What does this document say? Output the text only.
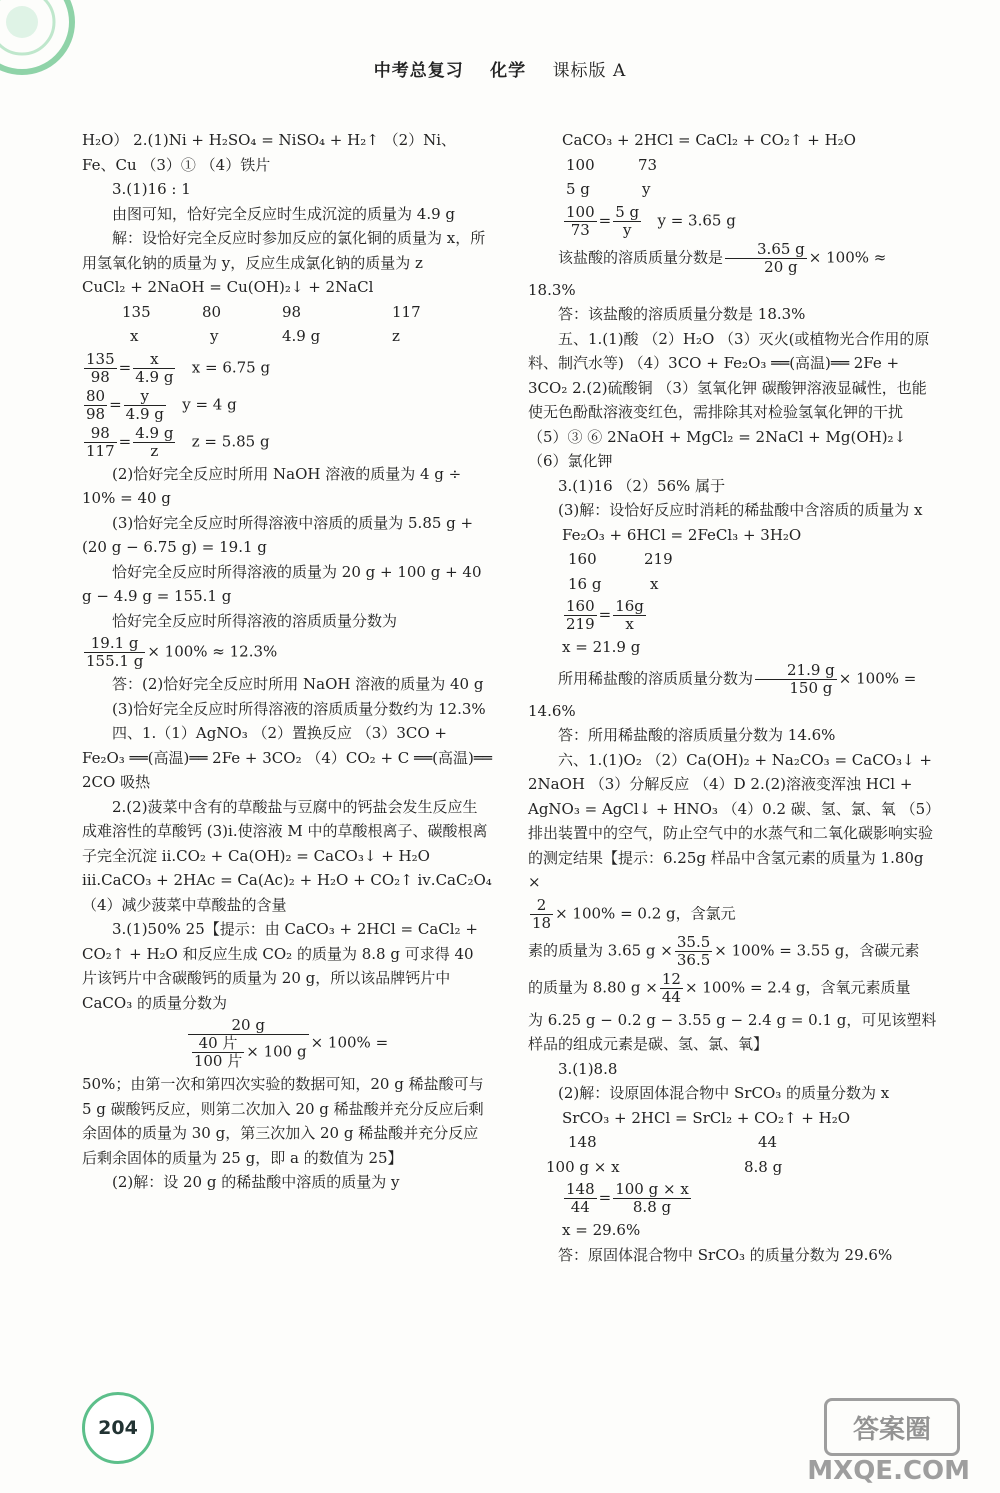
中考总复习 化学 课标版 A

H₂O） 2.(1)Ni + H₂SO₄ = NiSO₄ + H₂↑ （2）Ni、

Fe、Cu （3）① （4）铁片

3.(1)16 : 1

由图可知，恰好完全反应时生成沉淀的质量为 4.9 g

解：设恰好完全反应时参加反应的氯化铜的质量为 x，所用氢氧化钠的质量为 y，反应生成氯化钠的质量为 z

CuCl₂ + 2NaOH = Cu(OH)₂↓ + 2NaCl

135	80	98	117
x	y	4.9 g	z
$\frac{135}{98} = \frac{x}{4.9 g}$ x = 6.75 g
$\frac{80}{98} = \frac{y}{4.9 g}$ y = 4 g
$\frac{98}{117} = \frac{4.9 g}{z}$ z = 5.85 g

(2)恰好完全反应时所用 NaOH 溶液的质量为 4 g ÷ 10% = 40 g

(3)恰好完全反应时所得溶液中溶质的质量为 5.85 g + (20 g − 6.75 g) = 19.1 g

恰好完全反应时所得溶液的质量为 20 g + 100 g + 40 g − 4.9 g = 155.1 g

恰好完全反应时所得溶液的溶质质量分数为

$\frac{19.1 g}{155.1 g} \times 100\% \approx 12.3\%$

答：(2)恰好完全反应时所用 NaOH 溶液的质量为 40 g

(3)恰好完全反应时所得溶液的溶质质量分数约为 12.3%

四、1.（1）AgNO₃ （2）置换反应 （3）3CO + Fe₂O₃ ══(高温)══ 2Fe + 3CO₂ （4）CO₂ + C ══(高温)══ 2CO 吸热

2.(2)菠菜中含有的草酸盐与豆腐中的钙盐会发生反应生成难溶性的草酸钙 (3)ⅰ.使溶液 M 中的草酸根离子、碳酸根离子完全沉淀 ⅱ.CO₂ + Ca(OH)₂ = CaCO₃↓ + H₂O ⅲ.CaCO₃ + 2HAc = Ca(Ac)₂ + H₂O + CO₂↑ ⅳ.CaC₂O₄ （4）减少菠菜中草酸盐的含量

3.(1)50% 25【提示：由 CaCO₃ + 2HCl = CaCl₂ + CO₂↑ + H₂O 和反应生成 CO₂ 的质量为 8.8 g 可求得 40 片该钙片中含碳酸钙的质量为 20 g，所以该品牌钙片中 CaCO₃ 的质量分数为

$\frac{20 g}{\frac{\text{40 片}}{\text{100 片}} \times 100 g} \times 100\%$ =

50%；由第一次和第四次实验的数据可知，20 g 稀盐酸可与 5 g 碳酸钙反应，则第二次加入 20 g 稀盐酸并充分反应后剩余固体的质量为 30 g，第三次加入 20 g 稀盐酸并充分反应后剩余固体的质量为 25 g，即 a 的数值为 25】

(2)解：设 20 g 的稀盐酸中溶质的质量为 y

CaCO₃ + 2HCl = CaCl₂ + CO₂↑ + H₂O

100	73
5 g	y
$\frac{100}{73} = \frac{5 g}{y}$ y = 3.65 g
该盐酸的溶质质量分数是 $\frac{3.65 g}{20 g} \times 100\%$ ≈

18.3%

答：该盐酸的溶质质量分数是 18.3%

五、1.(1)酸 （2）H₂O （3）灭火(或植物光合作用的原料、制汽水等) （4）3CO + Fe₂O₃ ══(高温)══ 2Fe + 3CO₂ 2.(2)硫酸铜 （3）氢氧化钾 碳酸钾溶液显碱性，也能使无色酚酞溶液变红色，需排除其对检验氢氧化钾的干扰 （5）③ ⑥ 2NaOH + MgCl₂ = 2NaCl + Mg(OH)₂↓ （6）氯化钾

3.(1)16 （2）56% 属于

(3)解：设恰好反应时消耗的稀盐酸中含溶质的质量为 x

Fe₂O₃ + 6HCl = 2FeCl₃ + 3H₂O

160	219
16 g	x
$\frac{160}{219} = \frac{16g}{x}$

x = 21.9 g

所用稀盐酸的溶质质量分数为 $\frac{21.9 g}{150 g} \times 100\%$ =

14.6%

答：所用稀盐酸的溶质质量分数为 14.6%

六、1.(1)O₂ （2）Ca(OH)₂ + Na₂CO₃ = CaCO₃↓ + 2NaOH （3）分解反应 （4）D 2.(2)溶液变浑浊 HCl + AgNO₃ = AgCl↓ + HNO₃ （4）0.2 碳、氢、氯、氧 （5）排出装置中的空气，防止空气中的水蒸气和二氧化碳影响实验的测定结果【提示：6.25g 样品中含氢元素的质量为 1.80g ×

$\frac{2}{18} \times 100\% = 0.2$ g，含氯元
素的质量为 3.65 $g \times \frac{35.5}{36.5} \times 100\% = 3.55$ g，含碳元素
的质量为 8.80 $g \times \frac{12}{44} \times 100\% = 2.4$ g，含氧元素质量

为 6.25 g − 0.2 g − 3.55 g − 2.4 g = 0.1 g，可见该塑料样品的组成元素是碳、氢、氯、氧】

3.(1)8.8

(2)解：设原固体混合物中 SrCO₃ 的质量分数为 x

SrCO₃ + 2HCl = SrCl₂ + CO₂↑ + H₂O

148	44
100 g × x	8.8 g
$\frac{148}{44} = \frac{100 g \times x}{8.8 g}$

x = 29.6%

答：原固体混合物中 SrCO₃ 的质量分数为 29.6%

204	答案圈
MXQE.COM
